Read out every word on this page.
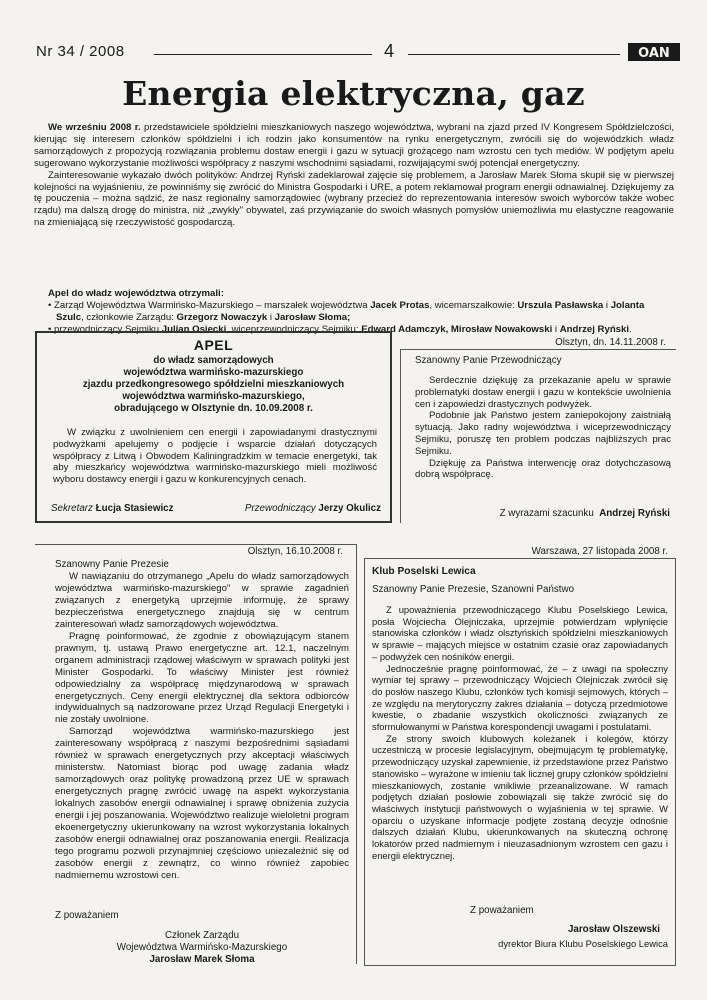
Nr 34 / 2008	4	OAN
Energia elektryczna, gaz

We wrześniu 2008 r. przedstawiciele spółdzielni mieszkaniowych naszego województwa, wybrani na zjazd przed IV Kongresem Spółdzielczości, kierując się interesem członków spółdzielni i ich rodzin jako konsumentów na rynku energetycznym, zwrócili się do wojewódzkich władz samorządowych z propozycją rozwiązania problemu dostaw energii i gazu w sytuacji grożącego nam wzrostu cen tych mediów. W podjętym apelu sugerowano wykorzystanie możliwości współpracy z naszymi wschodnimi sąsiadami, rozwijającymi swój potencjał energetyczny.

Zainteresowanie wykazało dwóch polityków: Andrzej Ryński zadeklarował zajęcie się problemem, a Jarosław Marek Słoma skupił się w pierwszej kolejności na wyjaśnieniu, że powinniśmy się zwrócić do Ministra Gospodarki i URE, a potem reklamował program energii odnawialnej. Dziękujemy za tę pouczenia – można sądzić, że nasz regionalny samorządowiec (wybrany przecież do reprezentowania interesów swoich wyborców także wobec rządu) ma dalszą drogę do ministra, niż „zwykły" obywatel, zaś przywiązanie do swoich własnych pomysłów uniemożliwia mu elastyczne reagowanie na zmieniającą się rzeczywistość gospodarczą.

Apel do władz województwa otrzymali:
• Zarząd Województwa Warmińsko-Mazurskiego – marszałek województwa Jacek Protas, wicemarszałkowie: Urszula Pasławska i Jolanta Szulc, członkowie Zarządu: Grzegorz Nowaczyk i Jarosław Słoma;
• przewodniczący Sejmiku Julian Osiecki, wiceprzewodniczący Sejmiku: Edward Adamczyk, Mirosław Nowakowski i Andrzej Ryński.
APEL
do władz samorządowych
województwa warmińsko-mazurskiego
zjazdu przedkongresowego spółdzielni mieszkaniowych
województwa warmińsko-mazurskiego,
obradującego w Olsztynie dn. 10.09.2008 r.
W związku z uwolnieniem cen energii i zapowiadanymi drastycznymi podwyżkami apelujemy o podjęcie i wsparcie działań dotyczących współpracy z Litwą i Obwodem Kaliningradzkim w temacie energetyki, tak aby mieszkańcy województwa warmińsko-mazurskiego mieli możliwość wyboru dostawcy energii i gazu w konkurencyjnych cenach.
Sekretarz Łucja Stasiewicz	Przewodniczący Jerzy Okulicz
Olsztyn, dn. 14.11.2008 r.
Szanowny Panie Przewodniczący

Serdecznie dziękuję za przekazanie apelu w sprawie problematyki dostaw energii i gazu w kontekście uwolnienia cen i zapowiedzi drastycznych podwyżek.

Podobnie jak Państwo jestem zaniepokojony zaistniałą sytuacją. Jako radny województwa i wiceprzewodniczący Sejmiku, poruszę ten problem podczas najbliższych prac Sejmiku.

Dziękuję za Państwa interwencję oraz dotychczasową dobrą współpracę.

Z wyrazami szacunku Andrzej Ryński
Olsztyn, 16.10.2008 r.
Szanowny Panie Prezesie

W nawiązaniu do otrzymanego „Apelu do władz samorządowych województwa warmińsko-mazurskiego" w sprawie zagadnień związanych z energetyką uprzejmie informuję, że sprawy bezpieczeństwa energetycznego znajdują się w centrum zainteresowań władz samorządowych województwa.

Pragnę poinformować, że zgodnie z obowiązującym stanem prawnym, tj. ustawą Prawo energetyczne art. 12.1, naczelnym organem administracji rządowej właściwym w sprawach polityki jest Minister Gospodarki. To właściwy Minister jest również odpowiedzialny za współpracę międzynarodową w sprawach energetycznych. Ceny energii elektrycznej dla sektora odbiorców indywidualnych są nadzorowane przez Urząd Regulacji Energetyki i nie zostały uwolnione.

Samorząd województwa warmińsko-mazurskiego jest zainteresowany współpracą z naszymi bezpośrednimi sąsiadami również w sprawach energetycznych przy akceptacji właściwych ministerstw. Natomiast biorąc pod uwagę zadania władz samorządowych oraz politykę prowadzoną przez UE w sprawach energetycznych pragnę zwrócić uwagę na aspekt wykorzystania lokalnych zasobów energii odnawialnej i sprawę obniżenia zużycia energii i jej poszanowania. Województwo realizuje wieloletni program ekoenergetyczny ukierunkowany na wzrost wykorzystania lokalnych zasobów energii odnawialnej oraz poszanowania energii. Realizacja tego programu pozwoli przynajmniej częściowo uniezależnić się od zasobów energii z zewnątrz, co winno również zapobiec nadmiernemu wzrostowi cen.

Z poważaniem
Członek Zarządu
Województwa Warmińsko-Mazurskiego
Jarosław Marek Słoma
Warszawa, 27 listopada 2008 r.
Klub Poselski Lewica
Szanowny Panie Prezesie, Szanowni Państwo

Z upoważnienia przewodniczącego Klubu Poselskiego Lewica, posła Wojciecha Olejniczaka, uprzejmie potwierdzam wpłynięcie stanowiska członków i władz olsztyńskich spółdzielni mieszkaniowych w sprawie – mających miejsce w ostatnim czasie oraz zapowiadanych – podwyżek cen nośników energii.

Jednocześnie pragnę poinformować, że – z uwagi na społeczny wymiar tej sprawy – przewodniczący Wojciech Olejniczak zwrócił się do posłów naszego Klubu, członków tych komisji sejmowych, których – ze względu na merytoryczny zakres działania – dotyczą przedmiotowe kwestie, o zbadanie wszystkich okoliczności związanych ze sformułowanymi w Państwa korespondencji uwagami i postulatami.

Ze strony swoich klubowych koleżanek i kolegów, którzy uczestniczą w procesie legislacyjnym, obejmującym tę problematykę, przewodniczący uzyskał zapewnienie, iż przedstawione przez Państwo stanowisko – wyrażone w imieniu tak licznej grupy członków spółdzielni mieszkaniowych, zostanie wnikliwie przeanalizowane. W ramach podjętych działań posłowie zobowiązali się także zwrócić się do właściwych instytucji państwowych o wyjaśnienia w tej sprawie. W oparciu o uzyskane informacje podjęte zostaną decyzje odnośnie dalszych działań Klubu, ukierunkowanych na skuteczną ochronę lokatorów przed nadmiernym i nieuzasadnionym wzrostem cen gazu i energii elektrycznej.

Z poważaniem
Jarosław Olszewski
dyrektor Biura Klubu Poselskiego Lewica
